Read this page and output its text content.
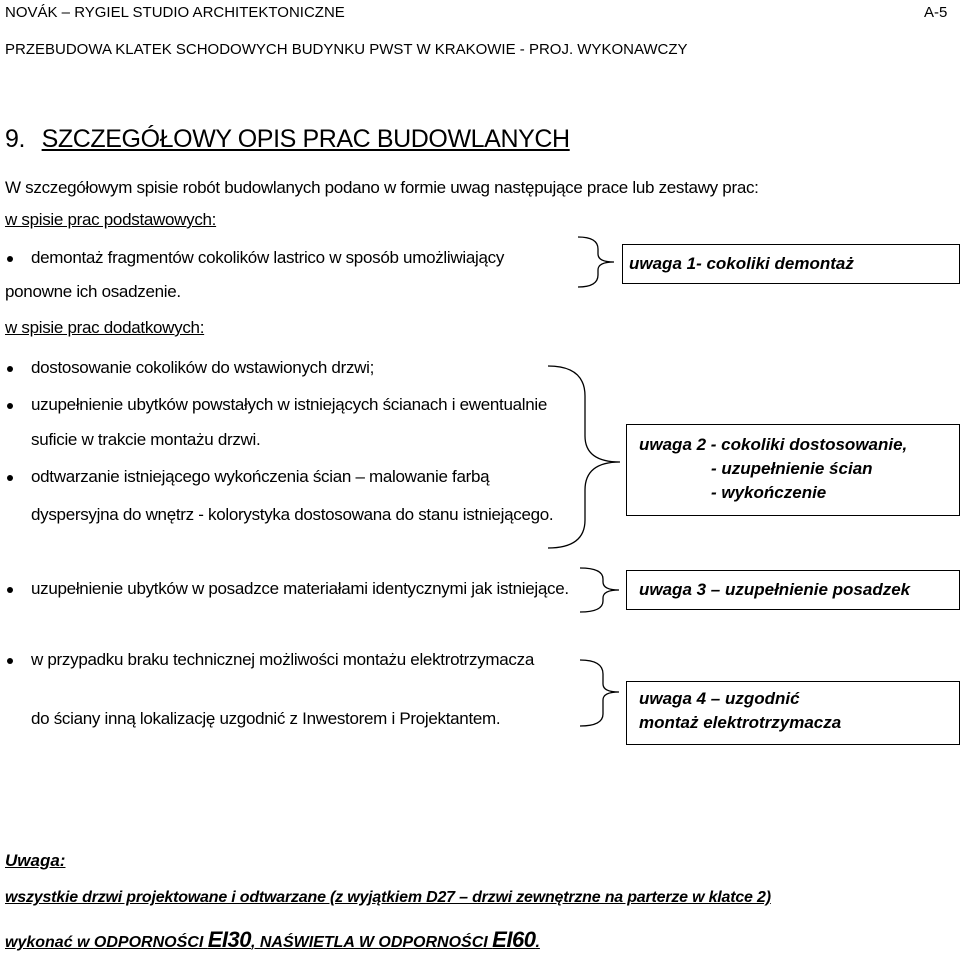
NOVÁK – RYGIEL STUDIO ARCHITEKTONICZNE	A-5
PRZEBUDOWA KLATEK SCHODOWYCH BUDYNKU PWST W KRAKOWIE - PROJ. WYKONAWCZY
9. SZCZEGÓŁOWY OPIS PRAC BUDOWLANYCH
W szczegółowym spisie robót budowlanych podano w formie uwag następujące prace lub zestawy prac:
w spisie prac podstawowych:
demontaż fragmentów cokolików lastrico w sposób umożliwiający
ponowne ich osadzenie.
uwaga 1- cokoliki demontaż
w spisie prac dodatkowych:
dostosowanie cokolików do wstawionych drzwi;
uzupełnienie ubytków powstałych w istniejących ścianach i ewentualnie
suficie w trakcie montażu drzwi.
odtwarzanie istniejącego wykończenia ścian – malowanie farbą
dyspersyjna do wnętrz - kolorystyka dostosowana do stanu istniejącego.
uwaga 2 - cokoliki dostosowanie,
- uzupełnienie ścian
- wykończenie
uzupełnienie ubytków w posadzce materiałami identycznymi jak istniejące.	uwaga 3 – uzupełnienie posadzek
w przypadku braku technicznej możliwości montażu elektrotrzymacza
do ściany inną lokalizację uzgodnić z Inwestorem i Projektantem.
uwaga 4 – uzgodnić
montaż elektrotrzymacza
Uwaga:
wszystkie drzwi projektowane i odtwarzane (z wyjątkiem D27 – drzwi zewnętrzne na parterze w klatce 2)
wykonać w ODPORNOŚCI EI30, NAŚWIETLA W ODPORNOŚCI EI60.
